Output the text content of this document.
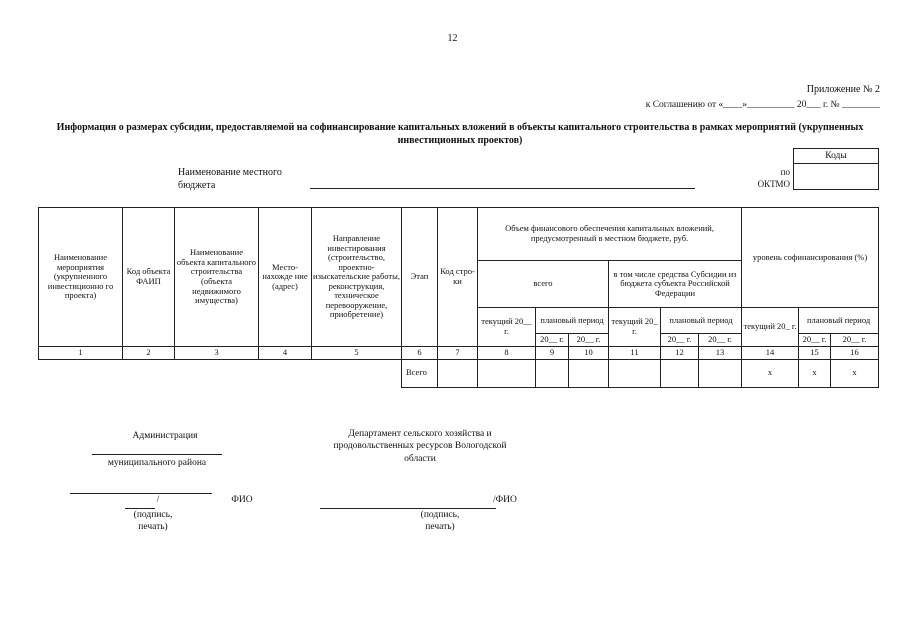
12
Приложение № 2
к Соглашению от «____»__________ 20___ г. № ________
Информация о размерах субсидии, предоставляемой на софинансирование капитальных вложений в объекты капитального строительства в рамках мероприятий (укрупненных инвестиционных проектов)
Коды
Наименование местного
бюджета
по
ОКТМО
Наименование мероприятия (укрупненного инвестиционно го проекта)	Код объекта ФАИП	Наименование объекта капитального строительства (объекта недвижимого имущества)	Место-нахожде ние (адрес)	Направление инвестирования (строительство, проектно-изыскательские работы, реконструкция, техническое перевооружение, приобретение)	Этап	Код стро-ки	Объем финансового обеспечения капитальных вложений, предусмотренный в местном бюджете, руб.						уровень софинансирования (%)		
							всего			в том числе средства Субсидии из бюджета субъекта Российской Федерации					
							текущий 20__ г.	плановый период		текущий 20_ г.	плановый период		текущий 20_ г.	плановый период	
								20__ г.	20__ г.		20__ г.	20__ г.		20__ г.	20__ г.
1	2	3	4	5	6	7	8	9	10	11	12	13	14	15	16
					Всего								х	х	х
Администрация
муниципального района
/	ФИО
(подпись, печать)
Департамент сельского хозяйства и продовольственных ресурсов Вологодской области
/ФИО
(подпись, печать)
